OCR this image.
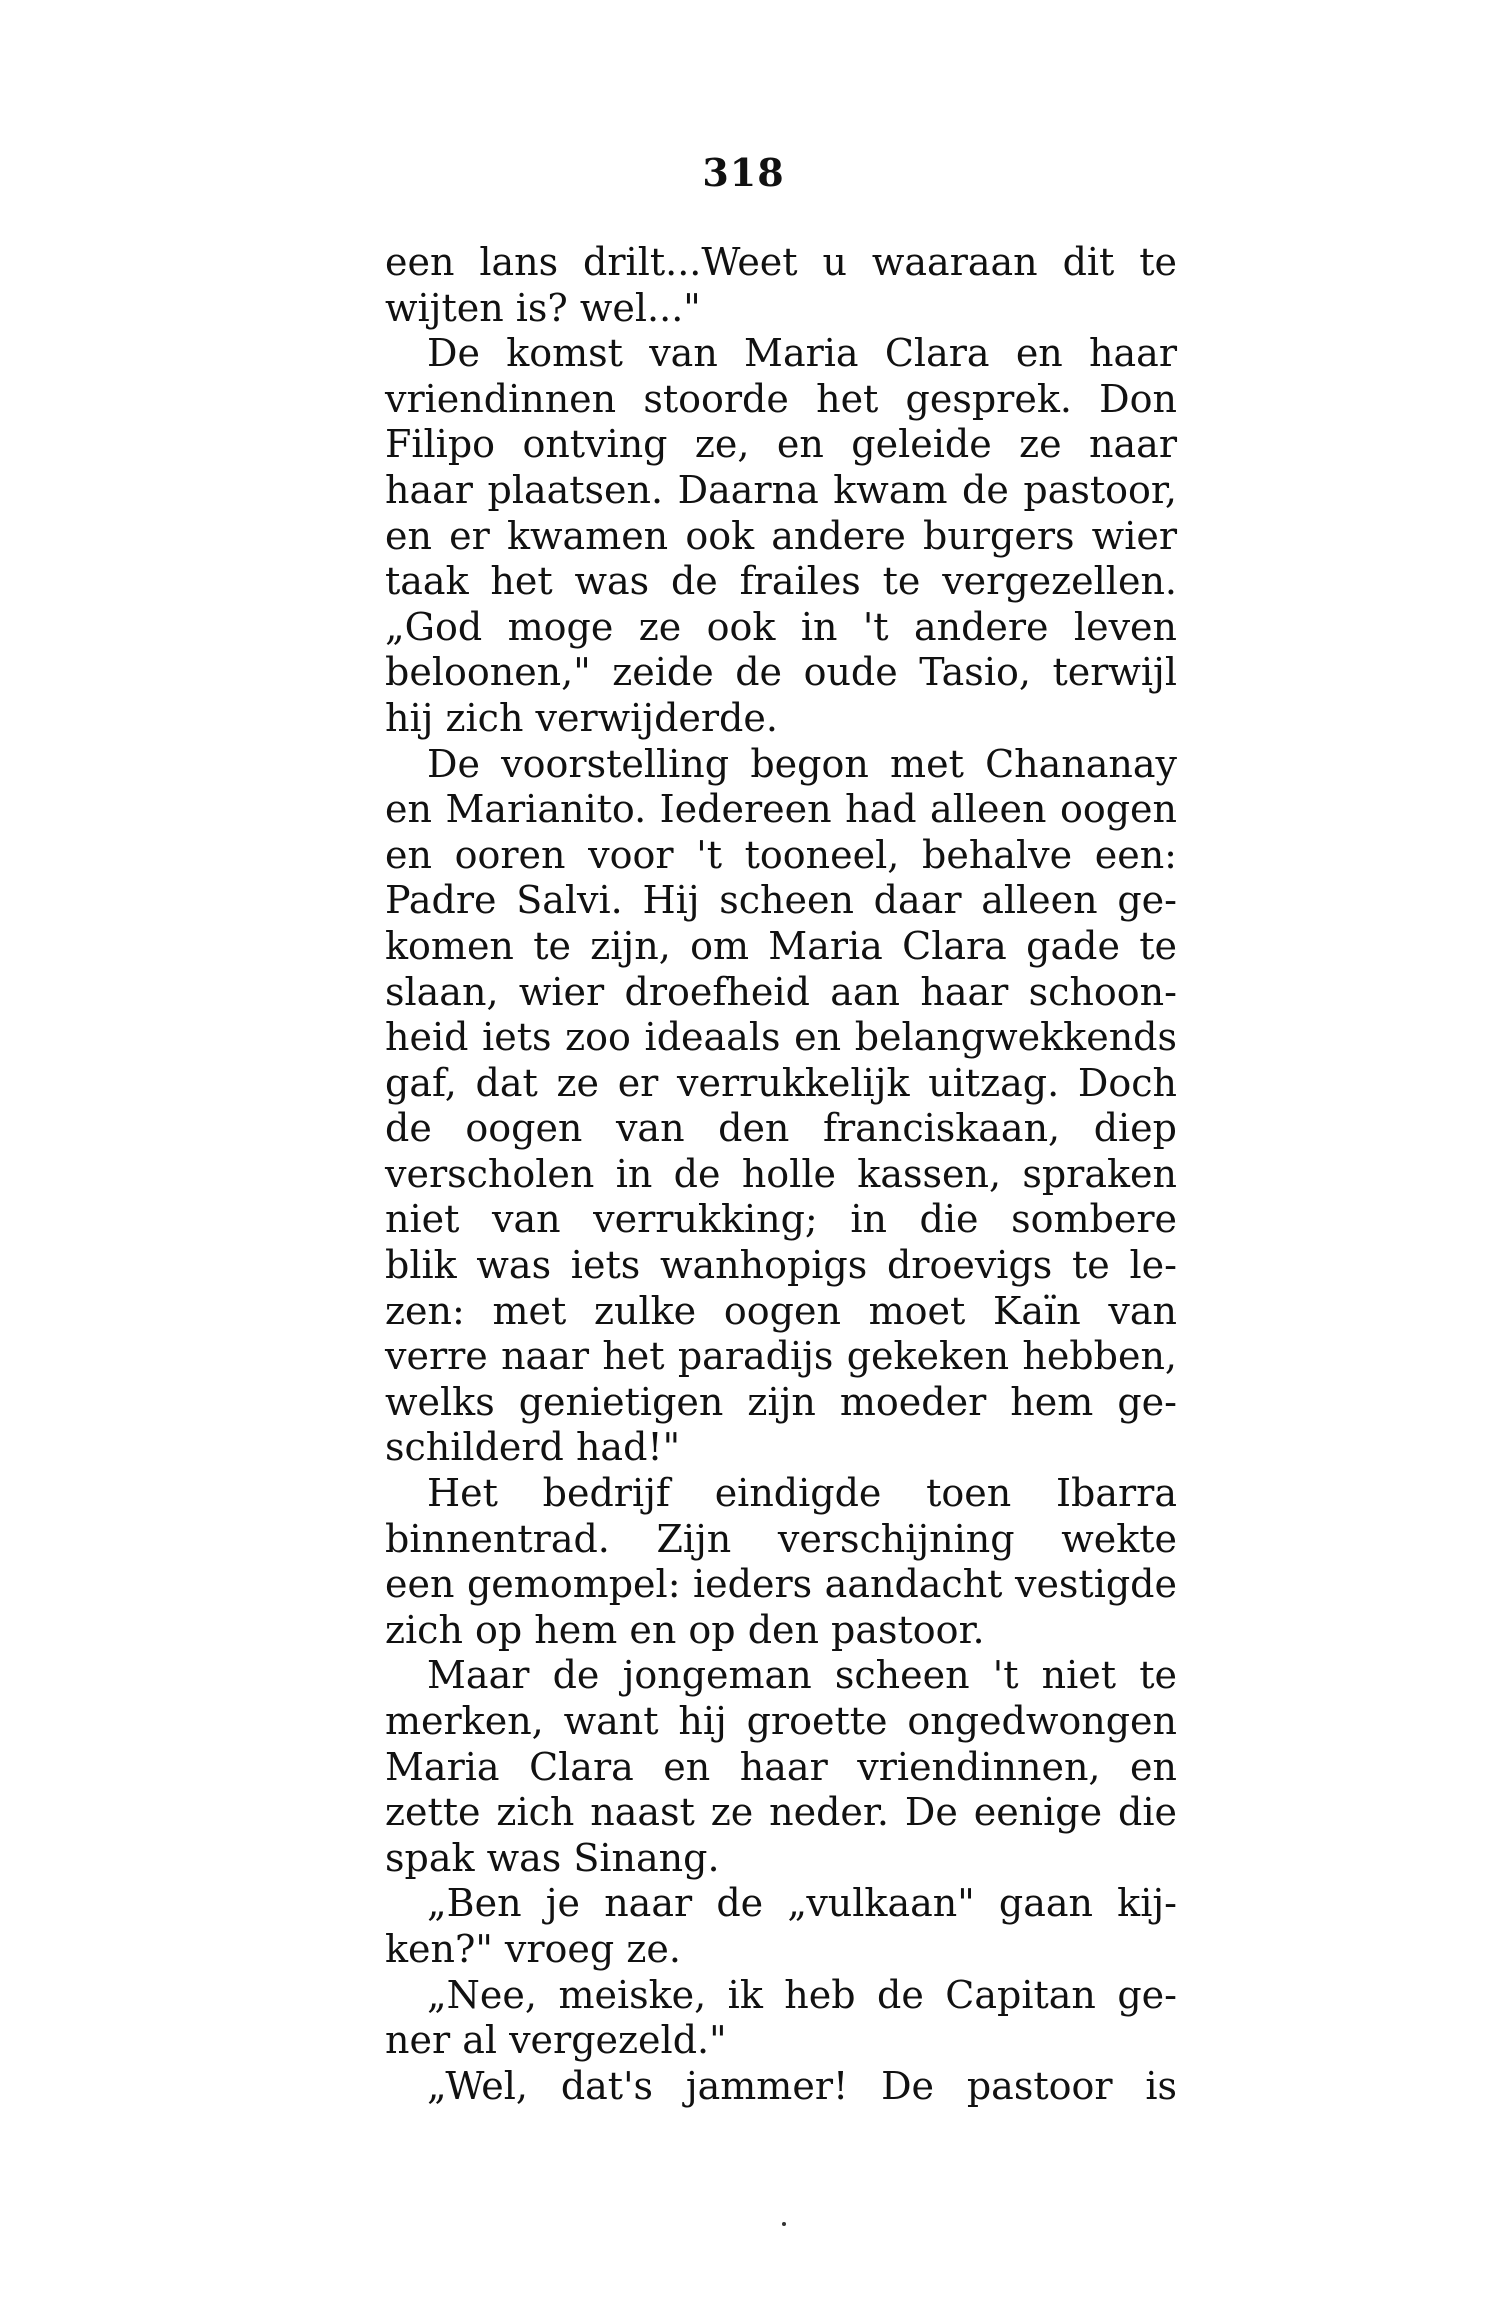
318
een lans drilt...Weet u waaraan dit te
wijten is? wel..."
De komst van Maria Clara en haar
vriendinnen stoorde het gesprek. Don
Filipo ontving ze, en geleide ze naar
haar plaatsen. Daarna kwam de pastoor,
en er kwamen ook andere burgers wier
taak het was de frailes te vergezellen.
„God moge ze ook in 't andere leven
beloonen," zeide de oude Tasio, terwijl
hij zich verwijderde.
De voorstelling begon met Chananay
en Marianito. Iedereen had alleen oogen
en ooren voor 't tooneel, behalve een:
Padre Salvi. Hij scheen daar alleen ge-
komen te zijn, om Maria Clara gade te
slaan, wier droefheid aan haar schoon-
heid iets zoo ideaals en belangwekkends
gaf, dat ze er verrukkelijk uitzag. Doch
de oogen van den franciskaan, diep
verscholen in de holle kassen, spraken
niet van verrukking; in die sombere
blik was iets wanhopigs droevigs te le-
zen: met zulke oogen moet Kaïn van
verre naar het paradijs gekeken hebben,
welks genietigen zijn moeder hem ge-
schilderd had!"
Het bedrijf eindigde toen Ibarra
binnentrad. Zijn verschijning wekte
een gemompel: ieders aandacht vestigde
zich op hem en op den pastoor.
Maar de jongeman scheen 't niet te
merken, want hij groette ongedwongen
Maria Clara en haar vriendinnen, en
zette zich naast ze neder. De eenige die
spak was Sinang.
„Ben je naar de „vulkaan" gaan kij-
ken?" vroeg ze.
„Nee, meiske, ik heb de Capitan ge-
ner al vergezeld."
„Wel, dat's jammer! De pastoor is
